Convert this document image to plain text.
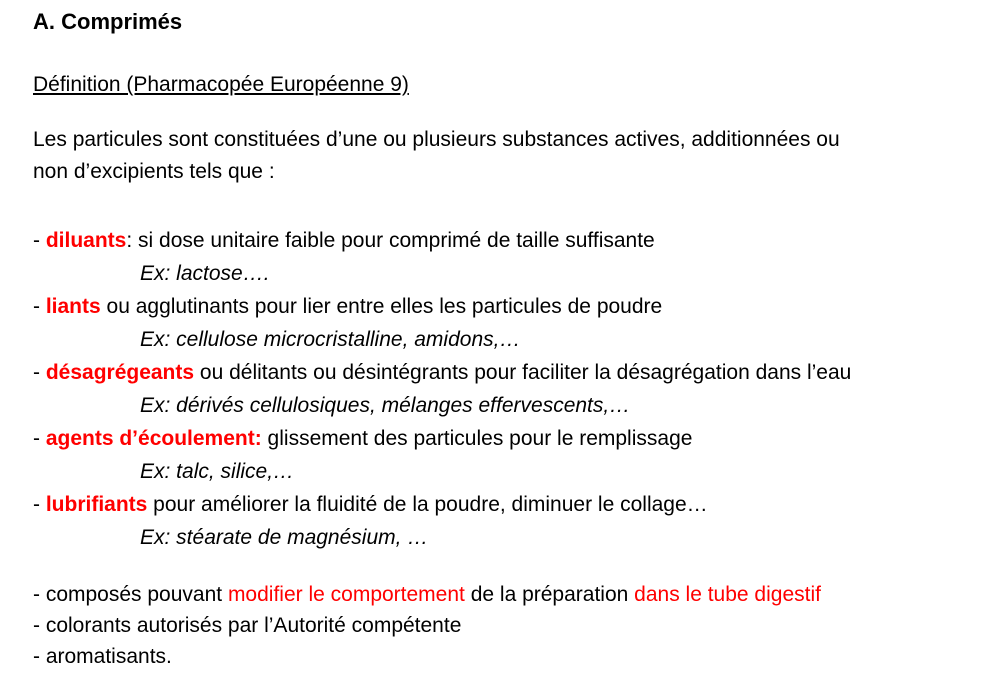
A. Comprimés
Définition (Pharmacopée Européenne 9)
Les particules sont constituées d’une ou plusieurs substances actives, additionnées ou
non d’excipients tels que :
- diluants: si dose unitaire faible pour comprimé de taille suffisante
Ex: lactose….
- liants ou agglutinants pour lier entre elles les particules de poudre
Ex: cellulose microcristalline, amidons,…
- désagrégeants ou délitants ou désintégrants pour faciliter la désagrégation dans l’eau
Ex: dérivés cellulosiques, mélanges effervescents,…
- agents d’écoulement: glissement des particules pour le remplissage
Ex: talc, silice,…
- lubrifiants pour améliorer la fluidité de la poudre, diminuer le collage…
Ex: stéarate de magnésium, …
- composés pouvant modifier le comportement de la préparation dans le tube digestif
- colorants autorisés par l’Autorité compétente
- aromatisants.
